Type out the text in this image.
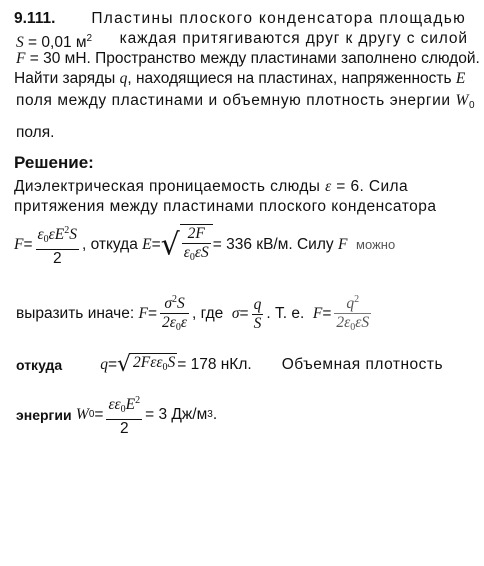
9.111. Пластины плоского конденсатора площадью
S = 0,01 $м^2$ каждая притягиваются друг к другу с силой
F = 30 мН. Пространство между пластинами заполнено слюдой.
Найти заряды q, находящиеся на пластинах, напряженность E
поля между пластинами и объемную плотность энергии $W_0$
поля.
Решение:
Диэлектрическая проницаемость слюды ε = 6. Сила
притяжения между пластинами плоского конденсатора
$F = \frac{\varepsilon_0\varepsilon E^2S}{2}$ , откуда
E = √ $\frac{2F}{\varepsilon_0\varepsilon S} = 336$ кВ/м. Силу
F
можно
выразить иначе:
$F = \frac{\sigma^2S}{2\varepsilon_0\varepsilon}$ , где
$\sigma = \frac{q}{S}$ . Т. е.
$F = \frac{q^2}{2\varepsilon_0\varepsilon S}$
откуда q = √ 2Fεε$_0$S = 178 нКл. Объемная плотность
энергии
W $0 = \frac{\varepsilon\varepsilon_0E^2}{2} = 3$ Дж/м 3 .
